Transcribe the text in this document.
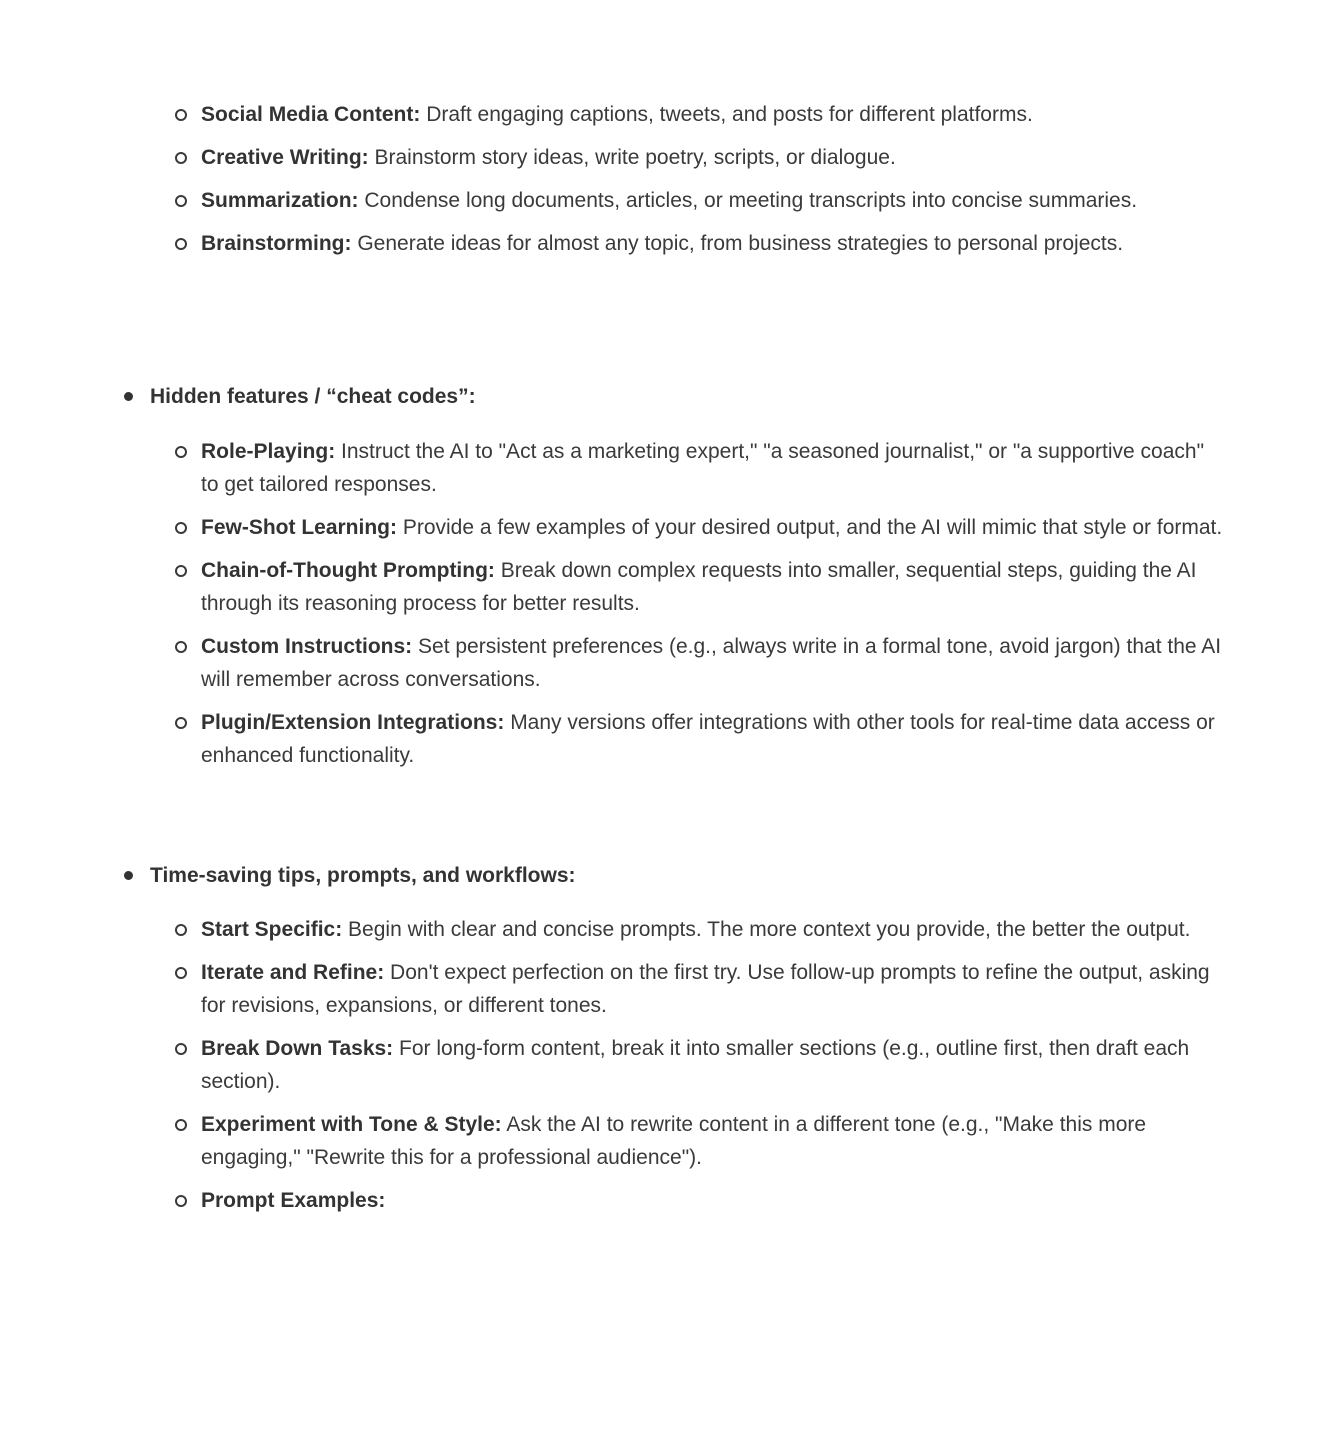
Social Media Content: Draft engaging captions, tweets, and posts for different platforms.
Creative Writing: Brainstorm story ideas, write poetry, scripts, or dialogue.
Summarization: Condense long documents, articles, or meeting transcripts into concise summaries.
Brainstorming: Generate ideas for almost any topic, from business strategies to personal projects.
Hidden features / “cheat codes”:
Role-Playing: Instruct the AI to "Act as a marketing expert," "a seasoned journalist," or "a supportive coach" to get tailored responses.
Few-Shot Learning: Provide a few examples of your desired output, and the AI will mimic that style or format.
Chain-of-Thought Prompting: Break down complex requests into smaller, sequential steps, guiding the AI through its reasoning process for better results.
Custom Instructions: Set persistent preferences (e.g., always write in a formal tone, avoid jargon) that the AI will remember across conversations.
Plugin/Extension Integrations: Many versions offer integrations with other tools for real-time data access or enhanced functionality.
Time-saving tips, prompts, and workflows:
Start Specific: Begin with clear and concise prompts. The more context you provide, the better the output.
Iterate and Refine: Don't expect perfection on the first try. Use follow-up prompts to refine the output, asking for revisions, expansions, or different tones.
Break Down Tasks: For long-form content, break it into smaller sections (e.g., outline first, then draft each section).
Experiment with Tone & Style: Ask the AI to rewrite content in a different tone (e.g., "Make this more engaging," "Rewrite this for a professional audience").
Prompt Examples:
